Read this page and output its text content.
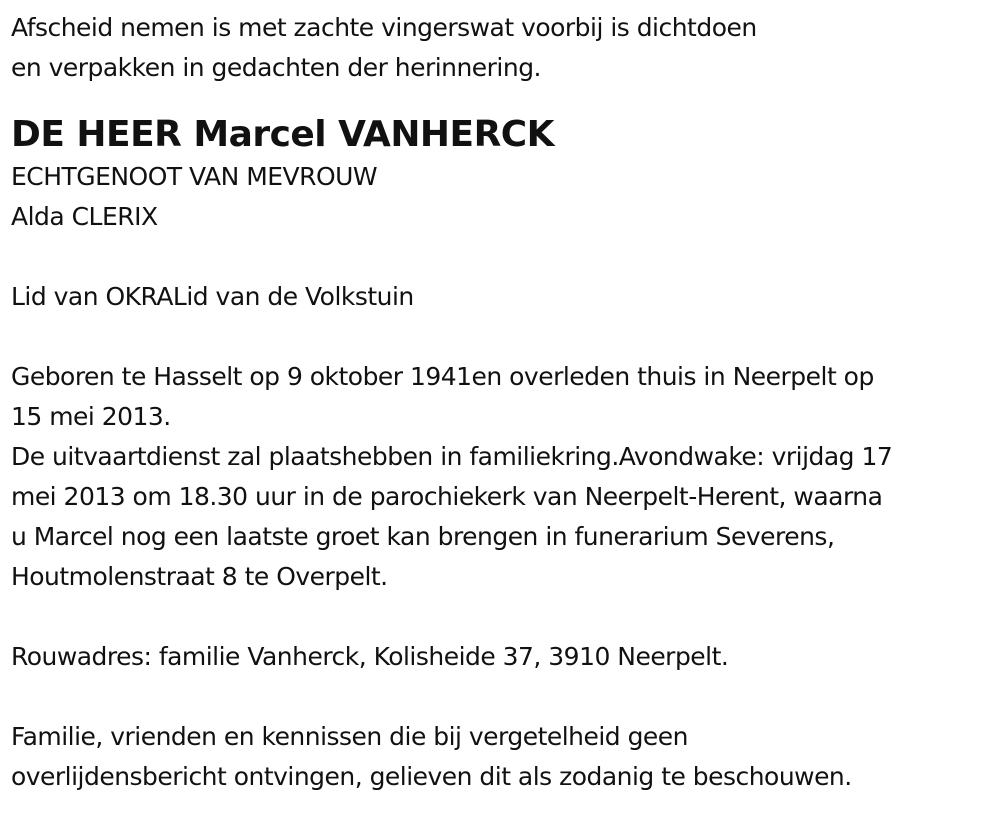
Afscheid nemen is met zachte vingerswat voorbij is dichtdoen

en verpakken in gedachten der herinnering.

DE HEER Marcel VANHERCK

ECHTGENOOT VAN MEVROUW

Alda CLERIX

Lid van OKRALid van de Volkstuin

Geboren te Hasselt op 9 oktober 1941en overleden thuis in Neerpelt op

15 mei 2013.

De uitvaartdienst zal plaatshebben in familiekring.Avondwake: vrijdag 17

mei 2013 om 18.30 uur in de parochiekerk van Neerpelt-Herent, waarna

u Marcel nog een laatste groet kan brengen in funerarium Severens,

Houtmolenstraat 8 te Overpelt.

Rouwadres: familie Vanherck, Kolisheide 37, 3910 Neerpelt.

Familie, vrienden en kennissen die bij vergetelheid geen

overlijdensbericht ontvingen, gelieven dit als zodanig te beschouwen.
